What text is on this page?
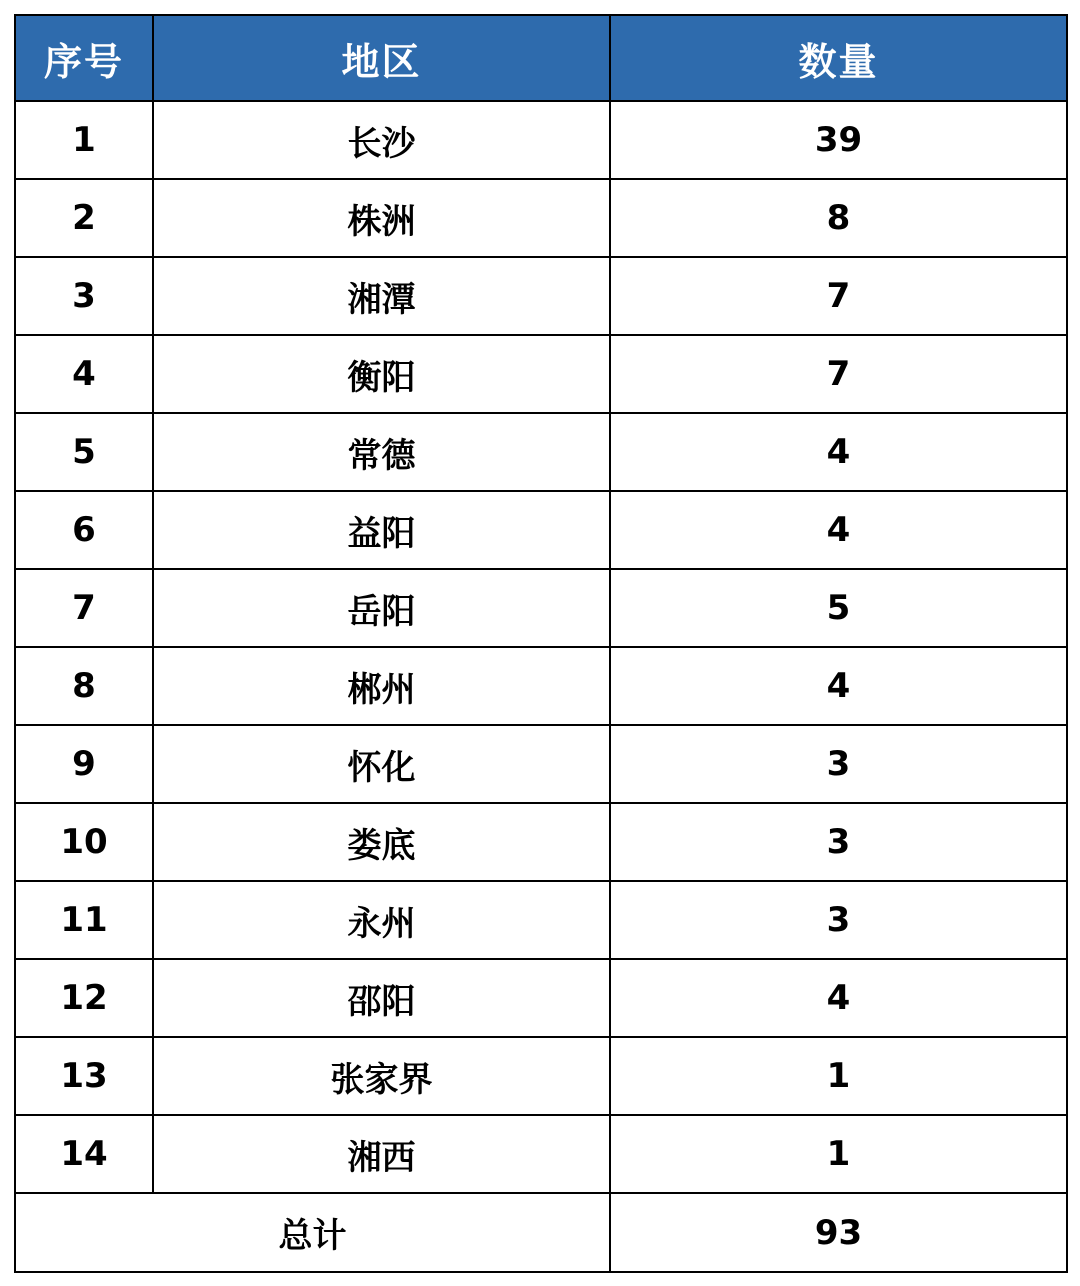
序号	地区	数量
1	长沙	39
2	株洲	8
3	湘潭	7
4	衡阳	7
5	常德	4
6	益阳	4
7	岳阳	5
8	郴州	4
9	怀化	3
10	娄底	3
11	永州	3
12	邵阳	4
13	张家界	1
14	湘西	1
总计		93
